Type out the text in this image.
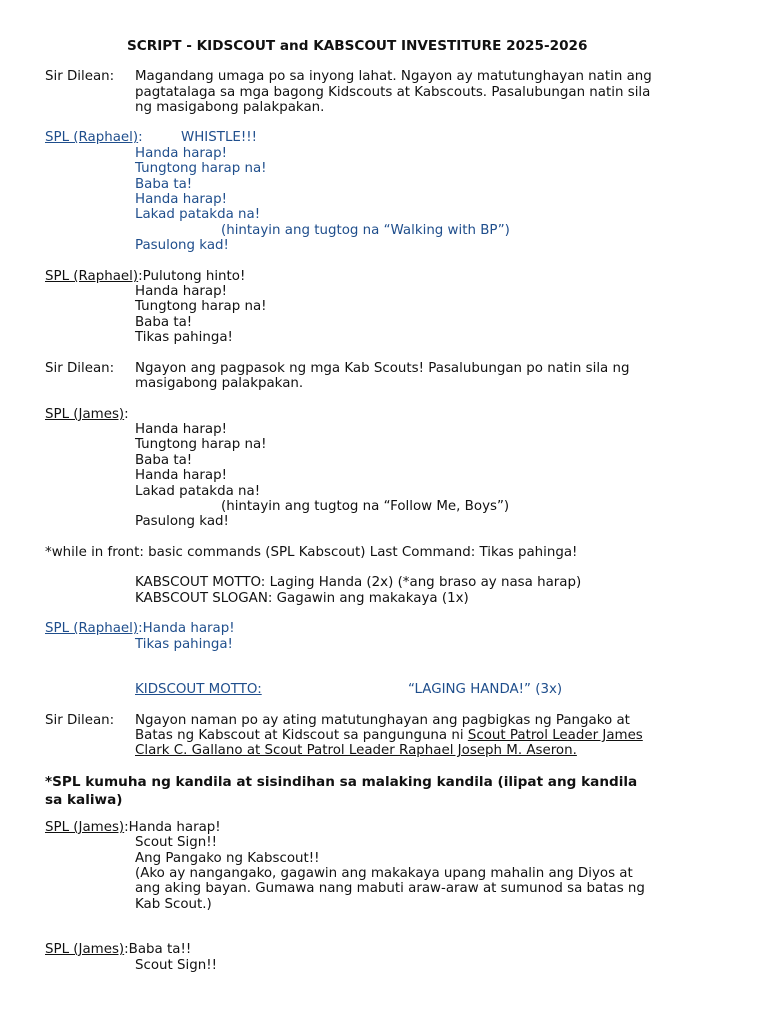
SCRIPT - KIDSCOUT and KABSCOUT INVESTITURE 2025-2026
Sir Dilean: Magandang umaga po sa inyong lahat. Ngayon ay matutunghayan natin ang
pagtatalaga sa mga bagong Kidscouts at Kabscouts. Pasalubungan natin sila
ng masigabong palakpakan.
SPL (Raphael):	WHISTLE!!!
Handa harap!
Tungtong harap na!
Baba ta!
Handa harap!
Lakad patakda na!
(hintayin ang tugtog na “Walking with BP”)
Pasulong kad!
SPL (Raphael):Pulutong hinto!
Handa harap!
Tungtong harap na!
Baba ta!
Tikas pahinga!
Sir Dilean: Ngayon ang pagpasok ng mga Kab Scouts! Pasalubungan po natin sila ng
masigabong palakpakan.
SPL (James):
Handa harap!
Tungtong harap na!
Baba ta!
Handa harap!
Lakad patakda na!
(hintayin ang tugtog na “Follow Me, Boys”)
Pasulong kad!
*while in front: basic commands (SPL Kabscout) Last Command: Tikas pahinga!
KABSCOUT MOTTO: Laging Handa (2x) (*ang braso ay nasa harap)
KABSCOUT SLOGAN: Gagawin ang makakaya (1x)
SPL (Raphael):Handa harap!
Tikas pahinga!
KIDSCOUT MOTTO:	“LAGING HANDA!” (3x)
Sir Dilean: Ngayon naman po ay ating matutunghayan ang pagbigkas ng Pangako at
Batas ng Kabscout at Kidscout sa pangunguna ni Scout Patrol Leader James
Clark C. Gallano at Scout Patrol Leader Raphael Joseph M. Aseron.
*SPL kumuha ng kandila at sisindihan sa malaking kandila (ilipat ang kandila
sa kaliwa)
SPL (James):Handa harap!
Scout Sign!!
Ang Pangako ng Kabscout!!
(Ako ay nangangako, gagawin ang makakaya upang mahalin ang Diyos at
ang aking bayan. Gumawa nang mabuti araw-araw at sumunod sa batas ng
Kab Scout.)
SPL (James):Baba ta!!
Scout Sign!!
